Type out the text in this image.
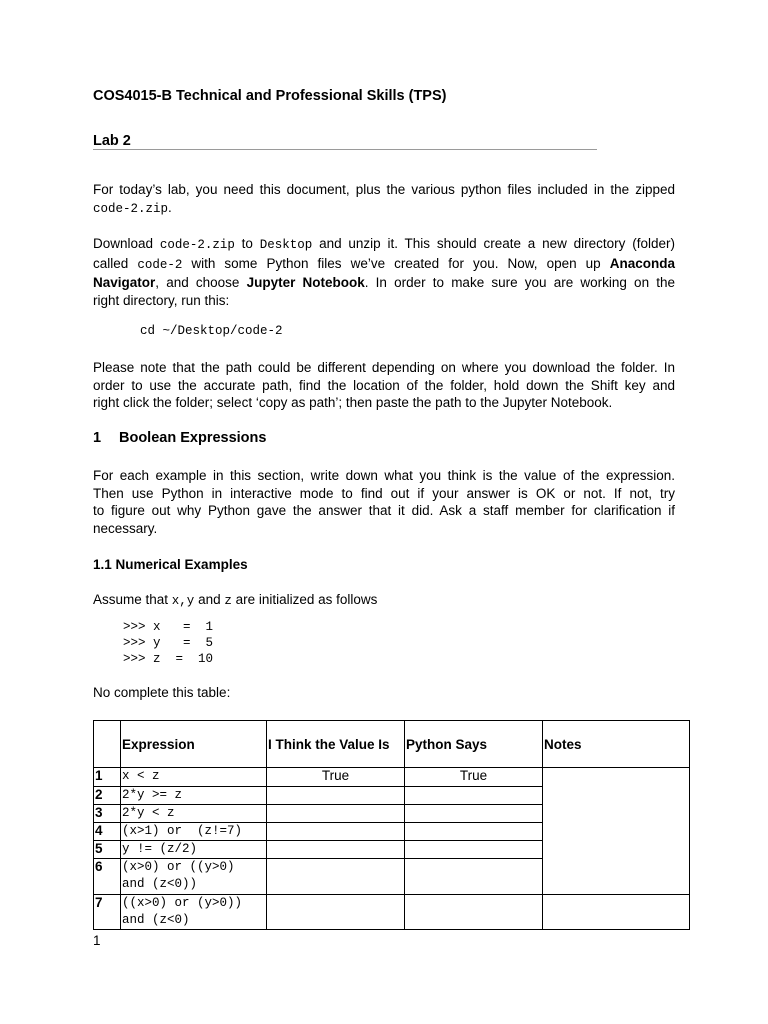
COS4015-B Technical and Professional Skills (TPS)
Lab 2
For today’s lab, you need this document, plus the various python files included in the zipped
code-2.zip.
Download code-2.zip to Desktop and unzip it. This should create a new directory (folder)
called code-2 with some Python files we’ve created for you. Now, open up Anaconda
Navigator, and choose Jupyter Notebook. In order to make sure you are working on the
right directory, run this:
cd ~/Desktop/code-2
Please note that the path could be different depending on where you download the folder. In
order to use the accurate path, find the location of the folder, hold down the Shift key and
right click the folder; select ‘copy as path’; then paste the path to the Jupyter Notebook.
1 Boolean Expressions
For each example in this section, write down what you think is the value of the expression.
Then use Python in interactive mode to find out if your answer is OK or not. If not, try
to figure out why Python gave the answer that it did. Ask a staff member for clarification if
necessary.
1.1 Numerical Examples
Assume that x,y and z are initialized as follows
>>> x   =  1
>>> y   =  5
>>> z  =  10
No complete this table:
	Expression	I Think the Value Is	Python Says	Notes
1	x < z	True	True	
2	2*y >= z			
3	2*y < z			
4	(x>1) or  (z!=7)			
5	y != (z/2)			
6	(x>0) or ((y>0)
and (z<0))			
7	((x>0) or (y>0))
and (z<0)			
1
